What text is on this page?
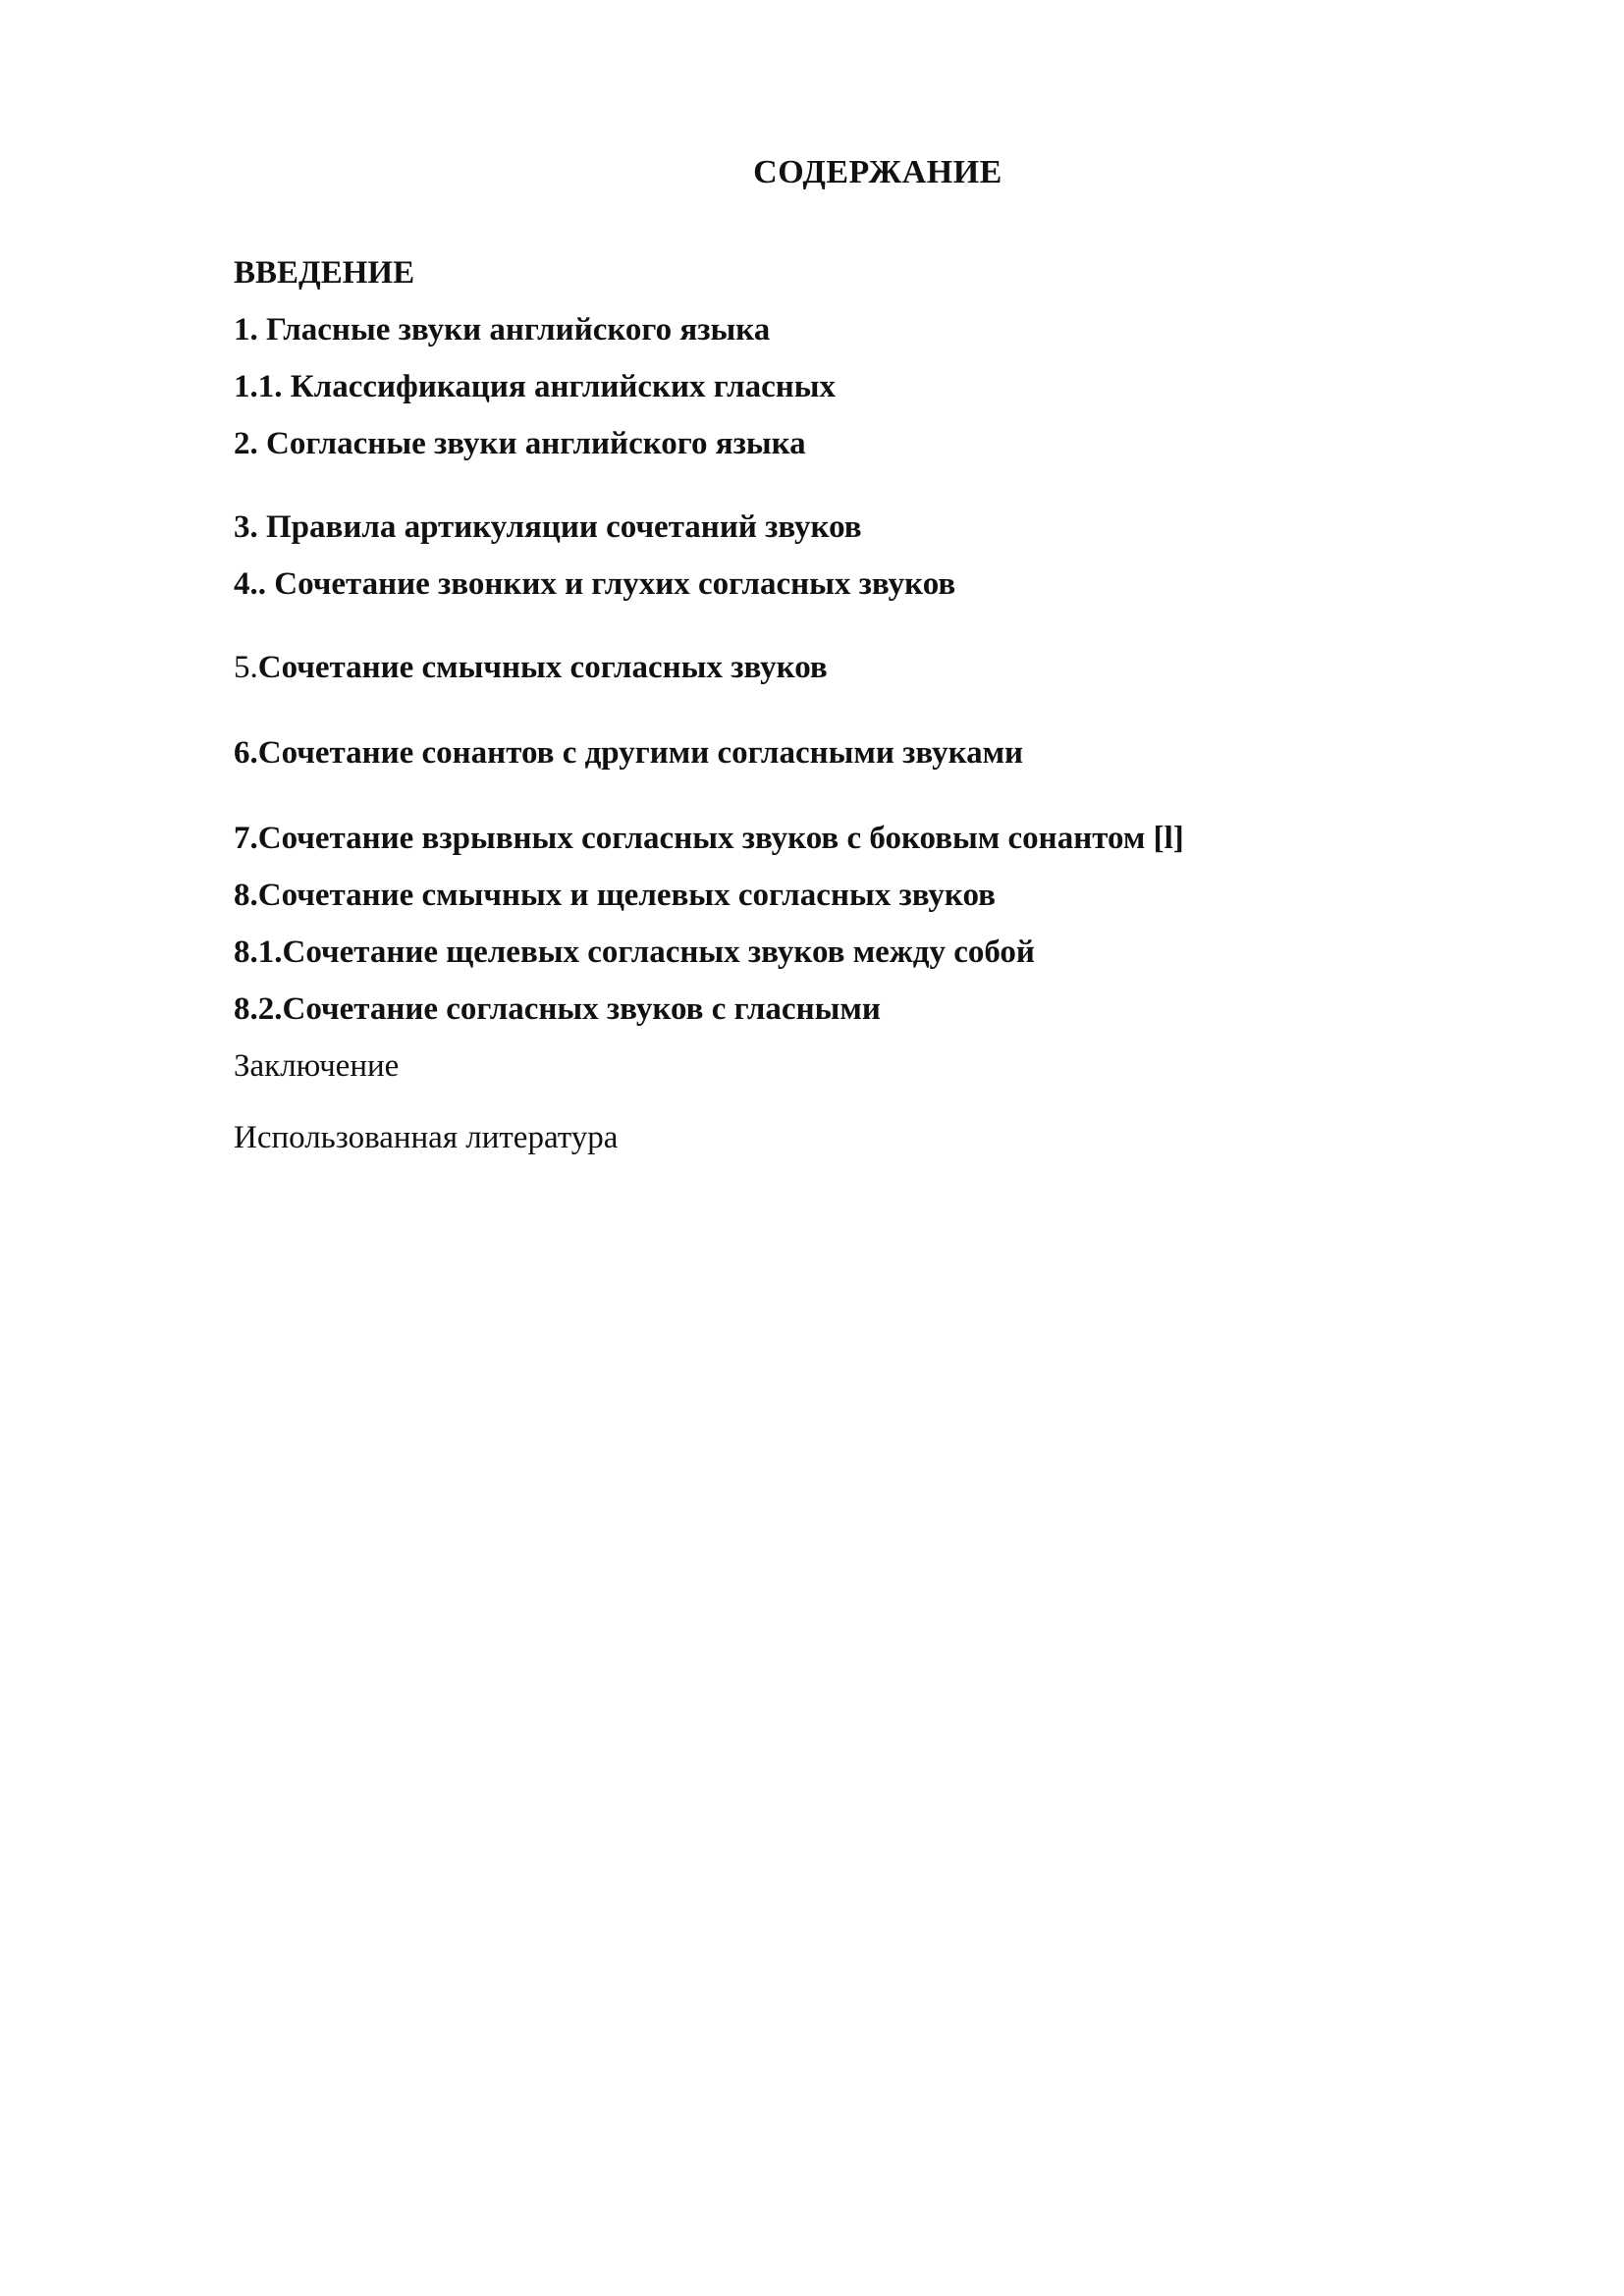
СОДЕРЖАНИЕ
ВВЕДЕНИЕ
1. Гласные звуки английского языка
1.1. Классификация английских гласных
2. Согласные звуки английского языка
3. Правила артикуляции сочетаний звуков
4.. Сочетание звонких и глухих согласных звуков
5.Сочетание смычных согласных звуков
6.Сочетание сонантов с другими согласными звуками
7.Сочетание взрывных согласных звуков с боковым сонантом [l]
8.Сочетание смычных и щелевых согласных звуков
8.1.Сочетание щелевых согласных звуков между собой
8.2.Сочетание согласных звуков с гласными
Заключение
Использованная литература
